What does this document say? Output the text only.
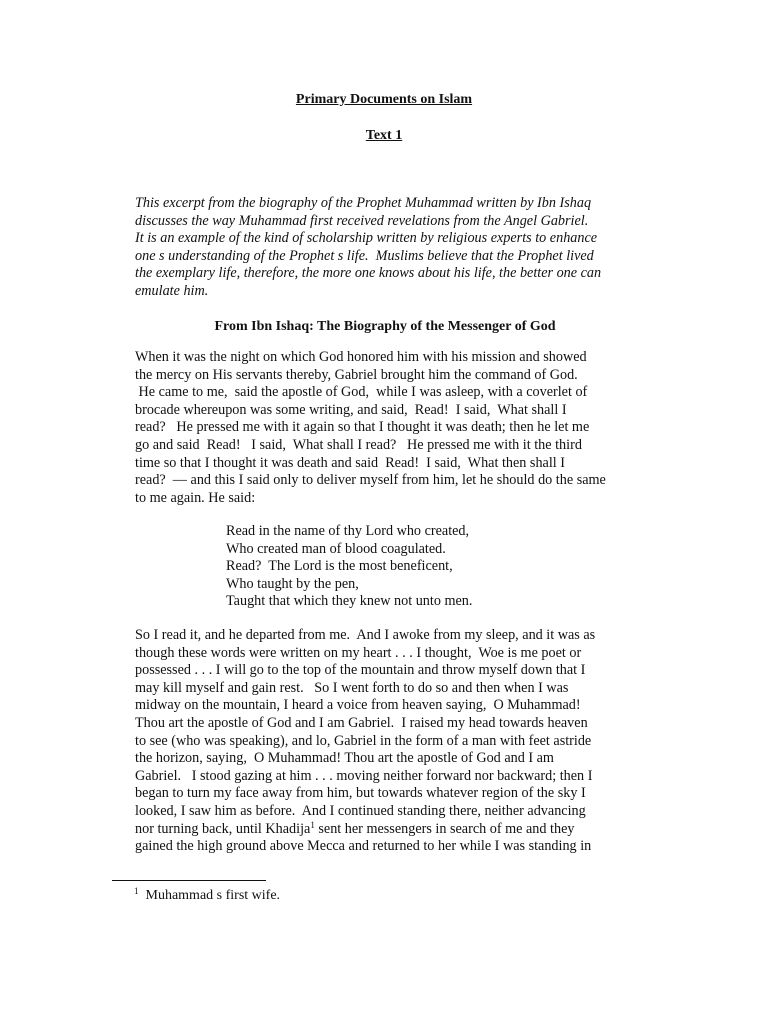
Primary Documents on Islam
Text 1
This excerpt from the biography of the Prophet Muhammad written by Ibn Ishaq
discusses the way Muhammad first received revelations from the Angel Gabriel.
It is an example of the kind of scholarship written by religious experts to enhance
one s understanding of the Prophet s life.  Muslims believe that the Prophet lived
the exemplary life, therefore, the more one knows about his life, the better one can
emulate him.
From Ibn Ishaq: The Biography of the Messenger of God
When it was the night on which God honored him with his mission and showed
the mercy on His servants thereby, Gabriel brought him the command of God.
He came to me,  said the apostle of God,  while I was asleep, with a coverlet of
brocade whereupon was some writing, and said,  Read!  I said,  What shall I
read?   He pressed me with it again so that I thought it was death; then he let me
go and said  Read!   I said,  What shall I read?   He pressed me with it the third
time so that I thought it was death and said  Read!  I said,  What then shall I
read?  — and this I said only to deliver myself from him, let he should do the same
to me again. He said:
Read in the name of thy Lord who created,
Who created man of blood coagulated.
Read?  The Lord is the most beneficent,
Who taught by the pen,
Taught that which they knew not unto men.
So I read it, and he departed from me.  And I awoke from my sleep, and it was as
though these words were written on my heart . . . I thought,  Woe is me poet or
possessed . . . I will go to the top of the mountain and throw myself down that I
may kill myself and gain rest.   So I went forth to do so and then when I was
midway on the mountain, I heard a voice from heaven saying,  O Muhammad!
Thou art the apostle of God and I am Gabriel.  I raised my head towards heaven
to see (who was speaking), and lo, Gabriel in the form of a man with feet astride
the horizon, saying,  O Muhammad! Thou art the apostle of God and I am
Gabriel.   I stood gazing at him . . . moving neither forward nor backward; then I
began to turn my face away from him, but towards whatever region of the sky I
looked, I saw him as before.  And I continued standing there, neither advancing
nor turning back, until Khadija$^1$ sent her messengers in search of me and they
gained the high ground above Mecca and returned to her while I was standing in
$^1$  Muhammad s first wife.
